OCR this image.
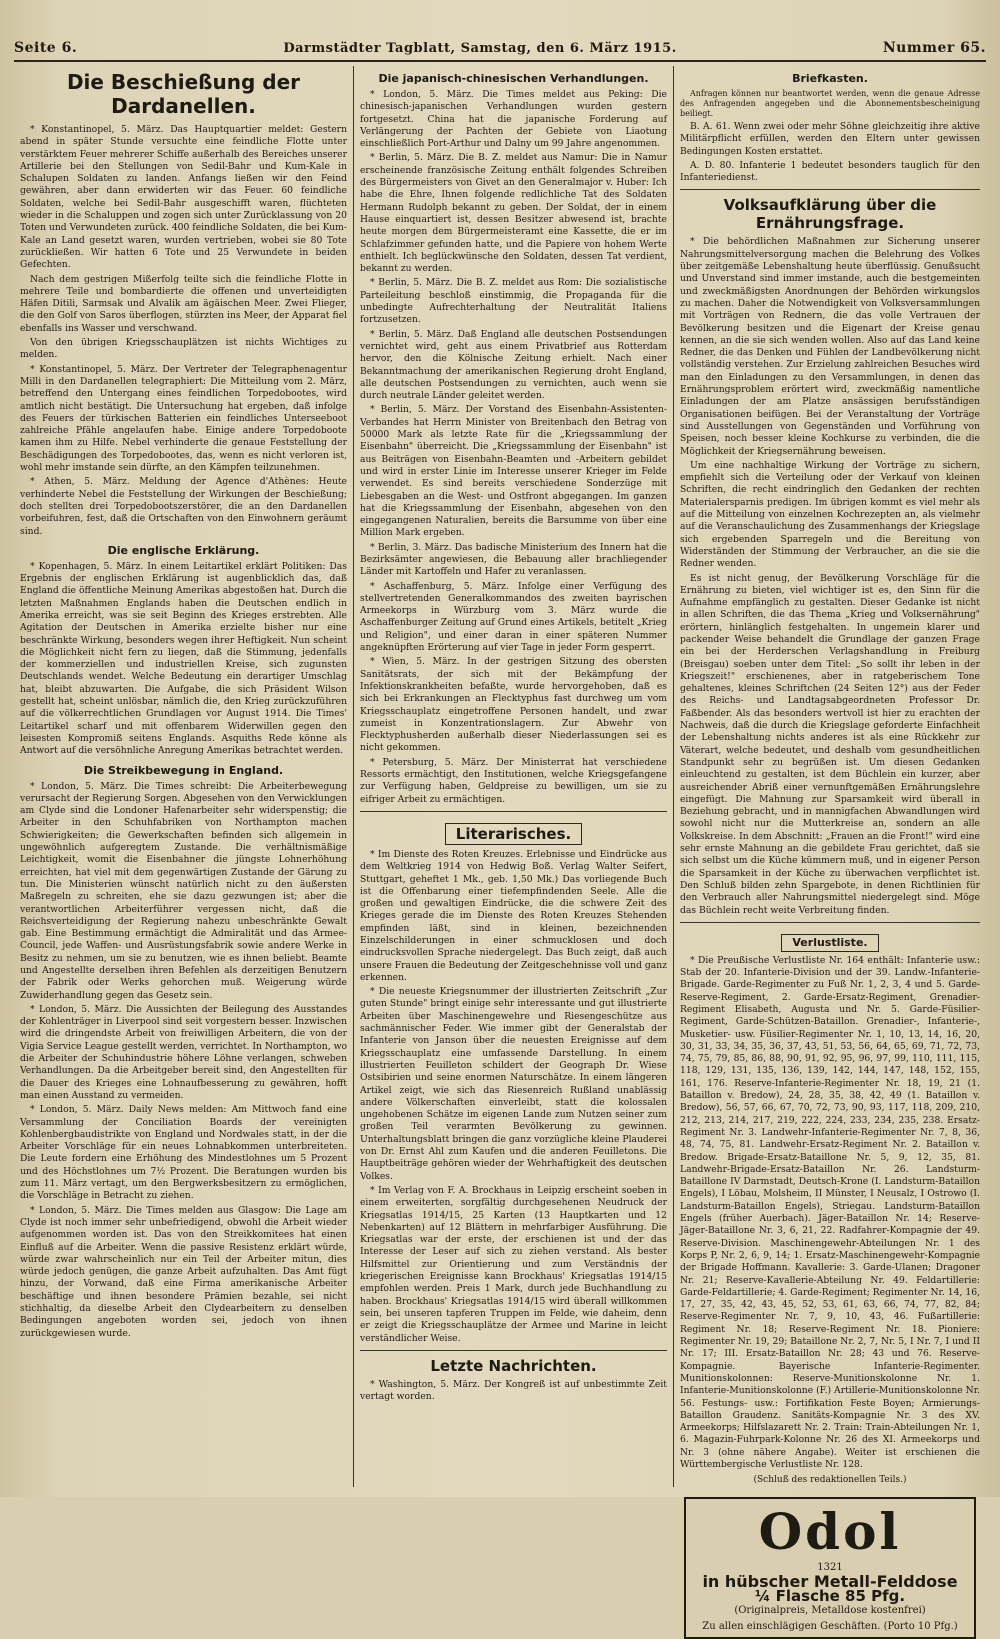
Seite 6.	Darmstädter Tagblatt, Samstag, den 6. März 1915.	Nummer 65.
Die Beschießung der Dardanellen.

* Konstantinopel, 5. März. Das Hauptquartier meldet: Gestern abend in später Stunde versuchte eine feindliche Flotte unter verstärktem Feuer mehrerer Schiffe außerhalb des Bereiches unserer Artillerie bei den Stellungen von Sedil-Bahr und Kum-Kale in Schalupen Soldaten zu landen. Anfangs ließen wir den Feind gewähren, aber dann erwiderten wir das Feuer. 60 feindliche Soldaten, welche bei Sedil-Bahr ausgeschifft waren, flüchteten wieder in die Schaluppen und zogen sich unter Zurücklassung von 20 Toten und Verwundeten zurück. 400 feindliche Soldaten, die bei Kum-Kale an Land gesetzt waren, wurden vertrieben, wobei sie 80 Tote zurückließen. Wir hatten 6 Tote und 25 Verwundete in beiden Gefechten.

Nach dem gestrigen Mißerfolg teilte sich die feindliche Flotte in mehrere Teile und bombardierte die offenen und unverteidigten Häfen Ditili, Sarmsak und Alvalik am ägäischen Meer. Zwei Flieger, die den Golf von Saros überflogen, stürzten ins Meer, der Apparat fiel ebenfalls ins Wasser und verschwand.

Von den übrigen Kriegsschauplätzen ist nichts Wichtiges zu melden.

* Konstantinopel, 5. März. Der Vertreter der Telegraphenagentur Milli in den Dardanellen telegraphiert: Die Mitteilung vom 2. März, betreffend den Untergang eines feindlichen Torpedobootes, wird amtlich nicht bestätigt. Die Untersuchung hat ergeben, daß infolge des Feuers der türkischen Batterien ein feindliches Unterseeboot zahlreiche Pfähle angelaufen habe. Einige andere Torpedoboote kamen ihm zu Hilfe. Nebel verhinderte die genaue Feststellung der Beschädigungen des Torpedobootes, das, wenn es nicht verloren ist, wohl mehr imstande sein dürfte, an den Kämpfen teilzunehmen.

* Athen, 5. März. Meldung der Agence d'Athènes: Heute verhinderte Nebel die Feststellung der Wirkungen der Beschießung; doch stellten drei Torpedobootszerstörer, die an den Dardanellen vorbeifuhren, fest, daß die Ortschaften von den Einwohnern geräumt sind.

Die englische Erklärung.

* Kopenhagen, 5. März. In einem Leitartikel erklärt Politiken: Das Ergebnis der englischen Erklärung ist augenblicklich das, daß England die öffentliche Meinung Amerikas abgestoßen hat. Durch die letzten Maßnahmen Englands haben die Deutschen endlich in Amerika erreicht, was sie seit Beginn des Krieges erstrebten. Alle Agitation der Deutschen in Amerika erzielte bisher nur eine beschränkte Wirkung, besonders wegen ihrer Heftigkeit. Nun scheint die Möglichkeit nicht fern zu liegen, daß die Stimmung, jedenfalls der kommerziellen und industriellen Kreise, sich zugunsten Deutschlands wendet. Welche Bedeutung ein derartiger Umschlag hat, bleibt abzuwarten. Die Aufgabe, die sich Präsident Wilson gestellt hat, scheint unlösbar, nämlich die, den Krieg zurückzuführen auf die völkerrechtlichen Grundlagen vor August 1914. Die Times' Leitartikel scharf und mit offenbarem Widerwillen gegen den leisesten Kompromiß seitens Englands. Asquiths Rede könne als Antwort auf die versöhnliche Anregung Amerikas betrachtet werden.

Die Streikbewegung in England.

* London, 5. März. Die Times schreibt: Die Arbeiterbewegung verursacht der Regierung Sorgen. Abgesehen von den Verwicklungen am Clyde sind die Londoner Hafenarbeiter sehr widerspenstig; die Arbeiter in den Schuhfabriken von Northampton machen Schwierigkeiten; die Gewerkschaften befinden sich allgemein in ungewöhnlich aufgeregtem Zustande. Die verhältnismäßige Leichtigkeit, womit die Eisenbahner die jüngste Lohnerhöhung erreichten, hat viel mit dem gegenwärtigen Zustande der Gärung zu tun. Die Ministerien wünscht natürlich nicht zu den äußersten Maßregeln zu schreiten, ehe sie dazu gezwungen ist; aber die verantwortlichen Arbeiterführer vergessen nicht, daß die Reichsverteidigung der Regierung nahezu unbeschränkte Gewalt gab. Eine Bestimmung ermächtigt die Admiralität und das Armee-Council, jede Waffen- und Ausrüstungsfabrik sowie andere Werke in Besitz zu nehmen, um sie zu benutzen, wie es ihnen beliebt. Beamte und Angestellte derselben ihren Befehlen als derzeitigen Benutzern der Fabrik oder Werks gehorchen muß. Weigerung würde Zuwiderhandlung gegen das Gesetz sein.

* London, 5. März. Die Aussichten der Beilegung des Ausstandes der Kohlenträger in Liverpool sind seit vorgestern besser. Inzwischen wird die dringendste Arbeit von freiwilligen Arbeitern, die von der Vigia Service League gestellt werden, verrichtet. In Northampton, wo die Arbeiter der Schuhindustrie höhere Löhne verlangen, schweben Verhandlungen. Da die Arbeitgeber bereit sind, den Angestellten für die Dauer des Krieges eine Lohnaufbesserung zu gewähren, hofft man einen Ausstand zu vermeiden.

* London, 5. März. Daily News melden: Am Mittwoch fand eine Versammlung der Conciliation Boards der vereinigten Kohlenbergbaudistrikte von England und Nordwales statt, in der die Arbeiter Vorschläge für ein neues Lohnabkommen unterbreiteten. Die Leute fordern eine Erhöhung des Mindestlohnes um 5 Prozent und des Höchstlohnes um 7½ Prozent. Die Beratungen wurden bis zum 11. März vertagt, um den Bergwerksbesitzern zu ermöglichen, die Vorschläge in Betracht zu ziehen.

* London, 5. März. Die Times melden aus Glasgow: Die Lage am Clyde ist noch immer sehr unbefriedigend, obwohl die Arbeit wieder aufgenommen worden ist. Das von den Streikkomitees hat einen Einfluß auf die Arbeiter. Wenn die passive Resistenz erklärt würde, würde zwar wahrscheinlich nur ein Teil der Arbeiter mitun, dies würde jedoch genügen, die ganze Arbeit aufzuhalten. Das Amt fügt hinzu, der Vorwand, daß eine Firma amerikanische Arbeiter beschäftige und ihnen besondere Prämien bezahle, sei nicht stichhaltig, da dieselbe Arbeit den Clydearbeitern zu denselben Bedingungen angeboten worden sei, jedoch von ihnen zurückgewiesen wurde.

Die japanisch-chinesischen Verhandlungen.

* London, 5. März. Die Times meldet aus Peking: Die chinesisch-japanischen Verhandlungen wurden gestern fortgesetzt. China hat die japanische Forderung auf Verlängerung der Pachten der Gebiete von Liaotung einschließlich Port-Arthur und Dalny um 99 Jahre angenommen.

* Berlin, 5. März. Die B. Z. meldet aus Namur: Die in Namur erscheinende französische Zeitung enthält folgendes Schreiben des Bürgermeisters von Givet an den Generalmajor v. Huber: Ich habe die Ehre, Ihnen folgende redlichliche Tat des Soldaten Hermann Rudolph bekannt zu geben. Der Soldat, der in einem Hause einquartiert ist, dessen Besitzer abwesend ist, brachte heute morgen dem Bürgermeisteramt eine Kassette, die er im Schlafzimmer gefunden hatte, und die Papiere von hohem Werte enthielt. Ich beglückwünsche den Soldaten, dessen Tat verdient, bekannt zu werden.

* Berlin, 5. März. Die B. Z. meldet aus Rom: Die sozialistische Parteileitung beschloß einstimmig, die Propaganda für die unbedingte Aufrechterhaltung der Neutralität Italiens fortzusetzen.

* Berlin, 5. März. Daß England alle deutschen Postsendungen vernichtet wird, geht aus einem Privatbrief aus Rotterdam hervor, den die Kölnische Zeitung erhielt. Nach einer Bekanntmachung der amerikanischen Regierung droht England, alle deutschen Postsendungen zu vernichten, auch wenn sie durch neutrale Länder geleitet werden.

* Berlin, 5. März. Der Vorstand des Eisenbahn-Assistenten-Verbandes hat Herrn Minister von Breitenbach den Betrag von 50000 Mark als letzte Rate für die „Kriegssammlung der Eisenbahn" überreicht. Die „Kriegssammlung der Eisenbahn" ist aus Beiträgen von Eisenbahn-Beamten und -Arbeitern gebildet und wird in erster Linie im Interesse unserer Krieger im Felde verwendet. Es sind bereits verschiedene Sonderzüge mit Liebesgaben an die West- und Ostfront abgegangen. Im ganzen hat die Kriegssammlung der Eisenbahn, abgesehen von den eingegangenen Naturalien, bereits die Barsumme von über eine Million Mark ergeben.

* Berlin, 3. März. Das badische Ministerium des Innern hat die Bezirksämter angewiesen, die Bebauung aller brachliegender Länder mit Kartoffeln und Hafer zu veranlassen.

* Aschaffenburg, 5. März. Infolge einer Verfügung des stellvertretenden Generalkommandos des zweiten bayrischen Armeekorps in Würzburg vom 3. März wurde die Aschaffenburger Zeitung auf Grund eines Artikels, betitelt „Krieg und Religion", und einer daran in einer späteren Nummer angeknüpften Erörterung auf vier Tage in jeder Form gesperrt.

* Wien, 5. März. In der gestrigen Sitzung des obersten Sanitätsrats, der sich mit der Bekämpfung der Infektionskrankheiten befaßte, wurde hervorgehoben, daß es sich bei Erkrankungen an Flecktyphus fast durchweg um vom Kriegsschauplatz eingetroffene Personen handelt, und zwar zumeist in Konzentrationslagern. Zur Abwehr von Flecktyphusherden außerhalb dieser Niederlassungen sei es nicht gekommen.

* Petersburg, 5. März. Der Ministerrat hat verschiedene Ressorts ermächtigt, den Institutionen, welche Kriegsgefangene zur Verfügung haben, Geldpreise zu bewilligen, um sie zu eifriger Arbeit zu ermächtigen.

Literarisches.

* Im Dienste des Roten Kreuzes. Erlebnisse und Eindrücke aus dem Weltkrieg 1914 von Hedwig Boß. Verlag Walter Seifert, Stuttgart, geheftet 1 Mk., geb. 1,50 Mk.) Das vorliegende Buch ist die Offenbarung einer tiefempfindenden Seele. Alle die großen und gewaltigen Eindrücke, die die schwere Zeit des Krieges gerade die im Dienste des Roten Kreuzes Stehenden empfinden läßt, sind in kleinen, bezeichnenden Einzelschilderungen in einer schmucklosen und doch eindrucksvollen Sprache niedergelegt. Das Buch zeigt, daß auch unsere Frauen die Bedeutung der Zeitgeschehnisse voll und ganz erkennen.

* Die neueste Kriegsnummer der illustrierten Zeitschrift „Zur guten Stunde" bringt einige sehr interessante und gut illustrierte Arbeiten über Maschinengewehre und Riesengeschütze aus sachmännischer Feder. Wie immer gibt der Generalstab der Infanterie von Janson über die neuesten Ereignisse auf dem Kriegsschauplatz eine umfassende Darstellung. In einem illustrierten Feuilleton schildert der Geograph Dr. Wiese Ostsibirien und seine enormen Naturschätze. In einem längeren Artikel zeigt, wie sich das Riesenreich Rußland unablässig andere Völkerschaften einverleibt, statt die kolossalen ungehobenen Schätze im eigenen Lande zum Nutzen seiner zum großen Teil verarmten Bevölkerung zu gewinnen. Unterhaltungsblatt bringen die ganz vorzügliche kleine Plauderei von Dr. Ernst Ahl zum Kaufen und die anderen Feuilletons. Die Hauptbeiträge gehören wieder der Wehrhaftigkeit des deutschen Volkes.

* Im Verlag von F. A. Brockhaus in Leipzig erscheint soeben in einem erweiterten, sorgfältig durchgesehenen Neudruck der Kriegsatlas 1914/15, 25 Karten (13 Hauptkarten und 12 Nebenkarten) auf 12 Blättern in mehrfarbiger Ausführung. Die Kriegsatlas war der erste, der erschienen ist und der das Interesse der Leser auf sich zu ziehen verstand. Als bester Hilfsmittel zur Orientierung und zum Verständnis der kriegerischen Ereignisse kann Brockhaus' Kriegsatlas 1914/15 empfohlen werden. Preis 1 Mark, durch jede Buchhandlung zu haben. Brockhaus' Kriegsatlas 1914/15 wird überall willkommen sein, bei unseren tapferen Truppen im Felde, wie daheim, denn er zeigt die Kriegsschauplätze der Armee und Marine in leicht verständlicher Weise.

Letzte Nachrichten.

* Washington, 5. März. Der Kongreß ist auf unbestimmte Zeit vertagt worden.

Briefkasten.

Anfragen können nur beantwortet werden, wenn die genaue Adresse des Anfragenden angegeben und die Abonnementsbescheinigung beiliegt.

B. A. 61. Wenn zwei oder mehr Söhne gleichzeitig ihre aktive Militärpflicht erfüllen, werden den Eltern unter gewissen Bedingungen Kosten erstattet.

A. D. 80. Infanterie 1 bedeutet besonders tauglich für den Infanteriedienst.

Volksaufklärung über die Ernährungsfrage.

* Die behördlichen Maßnahmen zur Sicherung unserer Nahrungsmittelversorgung machen die Belehrung des Volkes über zeitgemäße Lebenshaltung heute überflüssig. Genußsucht und Unverstand sind immer imstande, auch die bestgemeinten und zweckmäßigsten Anordnungen der Behörden wirkungslos zu machen. Daher die Notwendigkeit von Volksversammlungen mit Vorträgen von Rednern, die das volle Vertrauen der Bevölkerung besitzen und die Eigenart der Kreise genau kennen, an die sie sich wenden wollen. Also auf das Land keine Redner, die das Denken und Fühlen der Landbevölkerung nicht vollständig verstehen. Zur Erzielung zahlreichen Besuches wird man den Einladungen zu den Versammlungen, in denen das Ernährungsproblem erörtert wird, zweckmäßig namentliche Einladungen der am Platze ansässigen berufsständigen Organisationen beifügen. Bei der Veranstaltung der Vorträge sind Ausstellungen von Gegenständen und Vorführung von Speisen, noch besser kleine Kochkurse zu verbinden, die die Möglichkeit der Kriegsernährung beweisen.

Um eine nachhaltige Wirkung der Vorträge zu sichern, empfiehlt sich die Verteilung oder der Verkauf von kleinen Schriften, die recht eindringlich den Gedanken der rechten Materialersparnis predigen. Im übrigen kommt es viel mehr als auf die Mitteilung von einzelnen Kochrezepten an, als vielmehr auf die Veranschaulichung des Zusammenhangs der Kriegslage sich ergebenden Sparregeln und die Bereitung von Widerständen der Stimmung der Verbraucher, an die sie die Redner wenden.

Es ist nicht genug, der Bevölkerung Vorschläge für die Ernährung zu bieten, viel wichtiger ist es, den Sinn für die Aufnahme empfänglich zu gestalten. Dieser Gedanke ist nicht in allen Schriften, die das Thema „Krieg und Volksernährung" erörtern, hinlänglich festgehalten. In ungemein klarer und packender Weise behandelt die Grundlage der ganzen Frage ein bei der Herderschen Verlagshandlung in Freiburg (Breisgau) soeben unter dem Titel: „So sollt ihr leben in der Kriegszeit!" erschienenes, aber in ratgeberischem Tone gehaltenes, kleines Schriftchen (24 Seiten 12°) aus der Feder des Reichs- und Landtagsabgeordneten Professor Dr. Faßbender. Als das besonders wertvoll ist hier zu erachten der Nachweis, daß die durch die Kriegslage geforderte Einfachheit der Lebenshaltung nichts anderes ist als eine Rückkehr zur Väterart, welche bedeutet, und deshalb vom gesundheitlichen Standpunkt sehr zu begrüßen ist. Um diesen Gedanken einleuchtend zu gestalten, ist dem Büchlein ein kurzer, aber ausreichender Abriß einer vernunftgemäßen Ernährungslehre eingefügt. Die Mahnung zur Sparsamkeit wird überall in Beziehung gebracht, und in mannigfachen Abwandlungen wird sowohl nicht nur die Mutterkreise an, sondern an alle Volkskreise. In dem Abschnitt: „Frauen an die Front!" wird eine sehr ernste Mahnung an die gebildete Frau gerichtet, daß sie sich selbst um die Küche kümmern muß, und in eigener Person die Sparsamkeit in der Küche zu überwachen verpflichtet ist. Den Schluß bilden zehn Spargebote, in denen Richtlinien für den Verbrauch aller Nahrungsmittel niedergelegt sind. Möge das Büchlein recht weite Verbreitung finden.

Verlustliste.

* Die Preußische Verlustliste Nr. 164 enthält: Infanterie usw.: Stab der 20. Infanterie-Division und der 39. Landw.-Infanterie-Brigade. Garde-Regimenter zu Fuß Nr. 1, 2, 3, 4 und 5. Garde-Reserve-Regiment, 2. Garde-Ersatz-Regiment, Grenadier-Regiment Elisabeth, Augusta und Nr. 5. Garde-Füsilier-Regiment, Garde-Schützen-Bataillon. Grenadier-, Infanterie-, Musketier- usw. Füsilier-Regimenter Nr. 1, 10, 13, 14, 16, 20, 30, 31, 33, 34, 35, 36, 37, 43, 51, 53, 56, 64, 65, 69, 71, 72, 73, 74, 75, 79, 85, 86, 88, 90, 91, 92, 95, 96, 97, 99, 110, 111, 115, 118, 129, 131, 135, 136, 139, 142, 144, 147, 148, 152, 155, 161, 176. Reserve-Infanterie-Regimenter Nr. 18, 19, 21 (1. Bataillon v. Bredow), 24, 28, 35, 38, 42, 49 (1. Bataillon v. Bredow), 56, 57, 66, 67, 70, 72, 73, 90, 93, 117, 118, 209, 210, 212, 213, 214, 217, 219, 222, 224, 233, 234, 235, 238. Ersatz-Regiment Nr. 3. Landwehr-Infanterie-Regimenter Nr. 7, 8, 36, 48, 74, 75, 81. Landwehr-Ersatz-Regiment Nr. 2. Bataillon v. Bredow. Brigade-Ersatz-Bataillone Nr. 5, 9, 12, 35, 81. Landwehr-Brigade-Ersatz-Bataillon Nr. 26. Landsturm-Bataillone IV Darmstadt, Deutsch-Krone (I. Landsturm-Bataillon Engels), I Löbau, Molsheim, II Münster, I Neusalz, I Ostrowo (I. Landsturm-Bataillon Engels), Striegau. Landsturm-Bataillon Engels (früher Auerbach). Jäger-Bataillon Nr. 14; Reserve-Jäger-Bataillone Nr. 3, 6, 21, 22. Radfahrer-Kompagnie der 49. Reserve-Division. Maschinengewehr-Abteilungen Nr. 1 des Korps P, Nr. 2, 6, 9, 14; 1. Ersatz-Maschinengewehr-Kompagnie der Brigade Hoffmann. Kavallerie: 3. Garde-Ulanen; Dragoner Nr. 21; Reserve-Kavallerie-Abteilung Nr. 49. Feldartillerie: Garde-Feldartillerie; 4. Garde-Regiment; Regimenter Nr. 14, 16, 17, 27, 35, 42, 43, 45, 52, 53, 61, 63, 66, 74, 77, 82, 84; Reserve-Regimenter Nr. 7, 9, 10, 43, 46. Fußartillerie: Regiment Nr. 18; Reserve-Regiment Nr. 18. Pioniere: Regimenter Nr. 19, 29; Bataillone Nr. 2, 7, Nr. 5, I Nr. 7, I und II Nr. 17; III. Ersatz-Bataillon Nr. 28; 43 und 76. Reserve-Kompagnie. Bayerische Infanterie-Regimenter. Munitionskolonnen: Reserve-Munitionskolonne Nr. 1. Infanterie-Munitionskolonne (F.) Artillerie-Munitionskolonne Nr. 56. Festungs- usw.: Fortifikation Feste Boyen; Armierungs-Bataillon Graudenz. Sanitäts-Kompagnie Nr. 3 des XV. Armeekorps; Hilfslazarett Nr. 2. Train: Train-Abteilungen Nr. 1, 6. Magazin-Fuhrpark-Kolonne Nr. 26 des XI. Armeekorps und Nr. 3 (ohne nähere Angabe). Weiter ist erschienen die Württembergische Verlustliste Nr. 128.

(Schluß des redaktionellen Teils.)
Odol
1321
in hübscher Metall-Felddose
¼ Flasche 85 Pfg.
(Originalpreis, Metalldose kostenfrei)
Zu allen einschlägigen Geschäften. (Porto 10 Pfg.)
